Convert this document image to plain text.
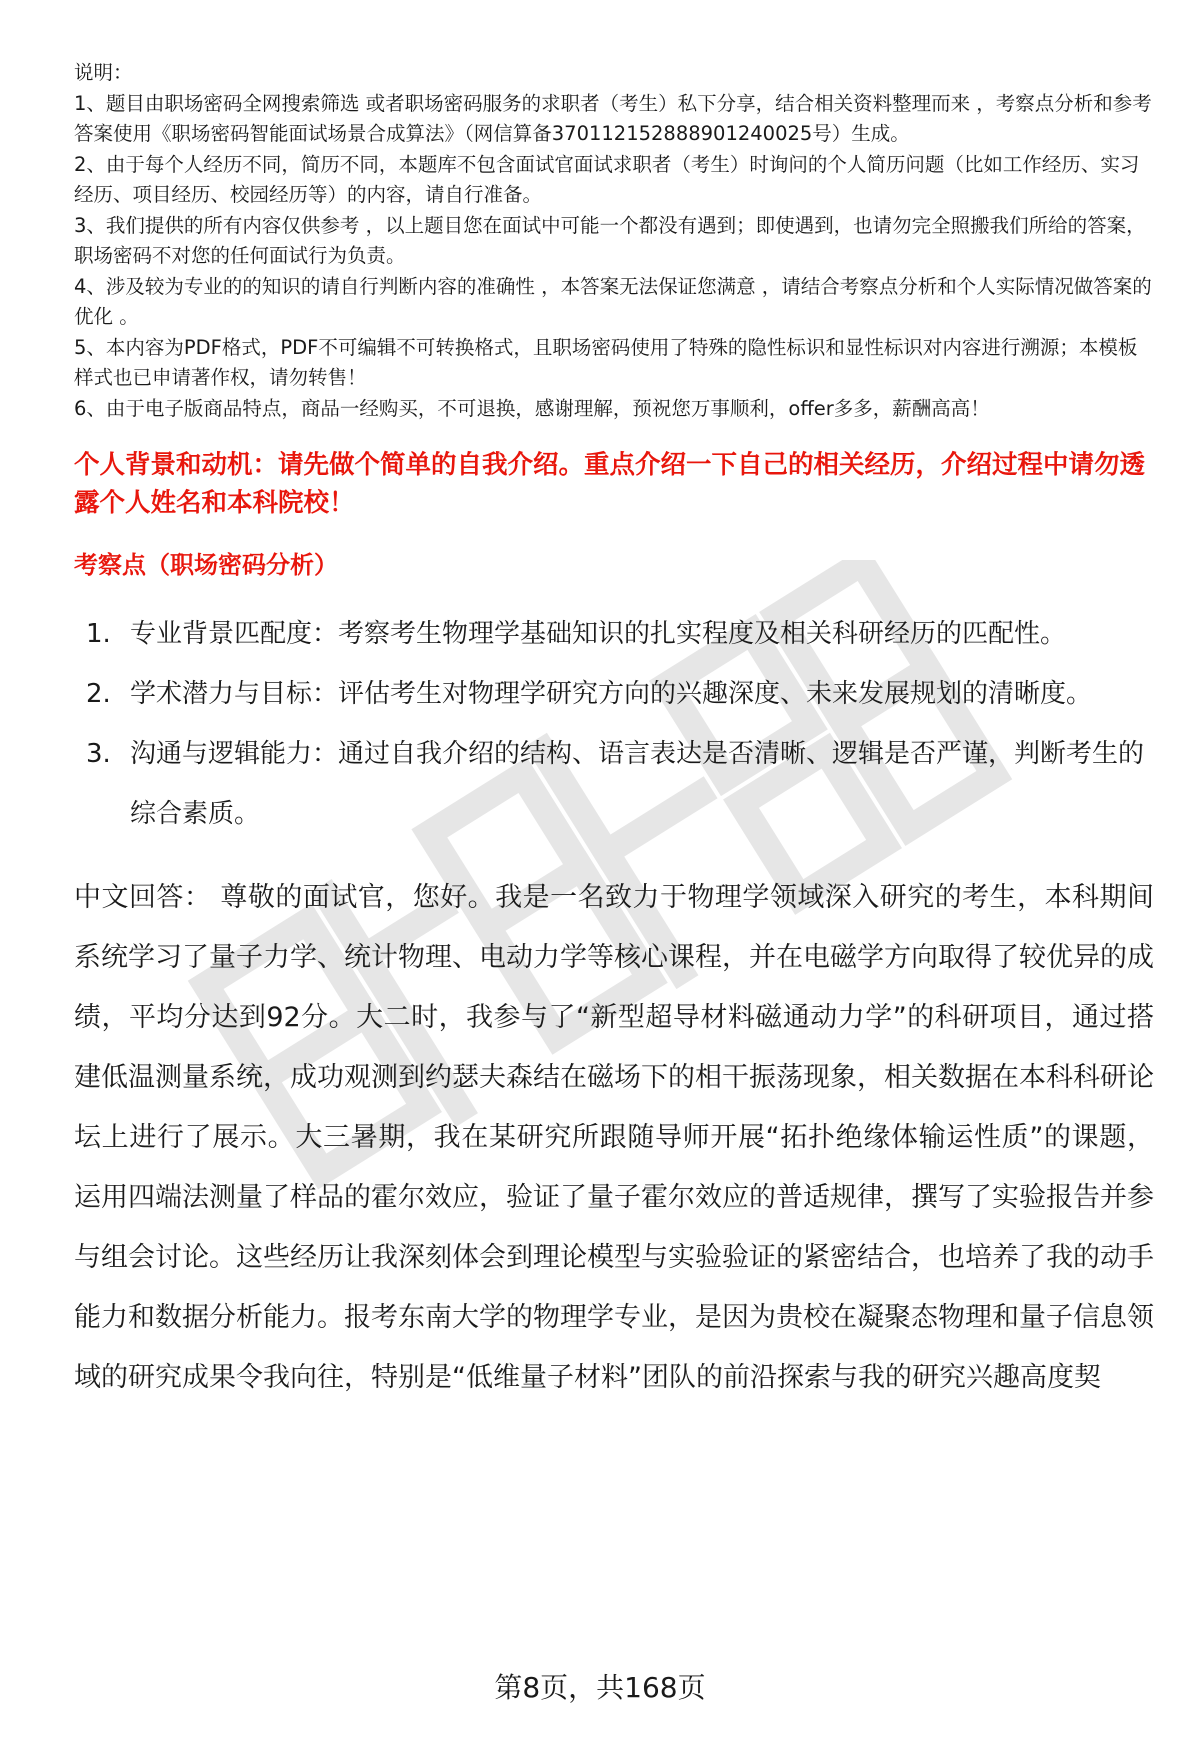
说明：

1、题目由职场密码全网搜索筛选 或者职场密码服务的求职者（考生）私下分享，结合相关资料整理而来 ，考察点分析和参考答案使用《职场密码智能面试场景合成算法》（网信算备370112152888901240025号）生成。

2、由于每个人经历不同，简历不同，本题库不包含面试官面试求职者（考生）时询问的个人简历问题（比如工作经历、实习经历、项目经历、校园经历等）的内容，请自行准备。

3、我们提供的所有内容仅供参考 ，以上题目您在面试中可能一个都没有遇到；即使遇到，也请勿完全照搬我们所给的答案，职场密码不对您的任何面试行为负责。

4、涉及较为专业的的知识的请自行判断内容的准确性 ，本答案无法保证您满意 ，请结合考察点分析和个人实际情况做答案的优化 。

5、本内容为PDF格式，PDF不可编辑不可转换格式，且职场密码使用了特殊的隐性标识和显性标识对内容进行溯源；本模板样式也已申请著作权，请勿转售！

6、由于电子版商品特点，商品一经购买，不可退换，感谢理解，预祝您万事顺利，offer多多，薪酬高高！

个人背景和动机：请先做个简单的自我介绍。重点介绍一下自己的相关经历，介绍过程中请勿透露个人姓名和本科院校！
考察点（职场密码分析）
1. 专业背景匹配度：考察考生物理学基础知识的扎实程度及相关科研经历的匹配性。
2. 学术潜力与目标：评估考生对物理学研究方向的兴趣深度、未来发展规划的清晰度。
3. 沟通与逻辑能力：通过自我介绍的结构、语言表达是否清晰、逻辑是否严谨，判断考生的综合素质。
中文回答： 尊敬的面试官，您好。我是一名致力于物理学领域深入研究的考生，本科期间系统学习了量子力学、统计物理、电动力学等核心课程，并在电磁学方向取得了较优异的成绩，平均分达到92分。大二时，我参与了“新型超导材料磁通动力学”的科研项目，通过搭建低温测量系统，成功观测到约瑟夫森结在磁场下的相干振荡现象，相关数据在本科科研论坛上进行了展示。大三暑期，我在某研究所跟随导师开展“拓扑绝缘体输运性质”的课题，运用四端法测量了样品的霍尔效应，验证了量子霍尔效应的普适规律，撰写了实验报告并参与组会讨论。这些经历让我深刻体会到理论模型与实验验证的紧密结合，也培养了我的动手能力和数据分析能力。报考东南大学的物理学专业，是因为贵校在凝聚态物理和量子信息领域的研究成果令我向往，特别是“低维量子材料”团队的前沿探索与我的研究兴趣高度契
第8页，共168页
